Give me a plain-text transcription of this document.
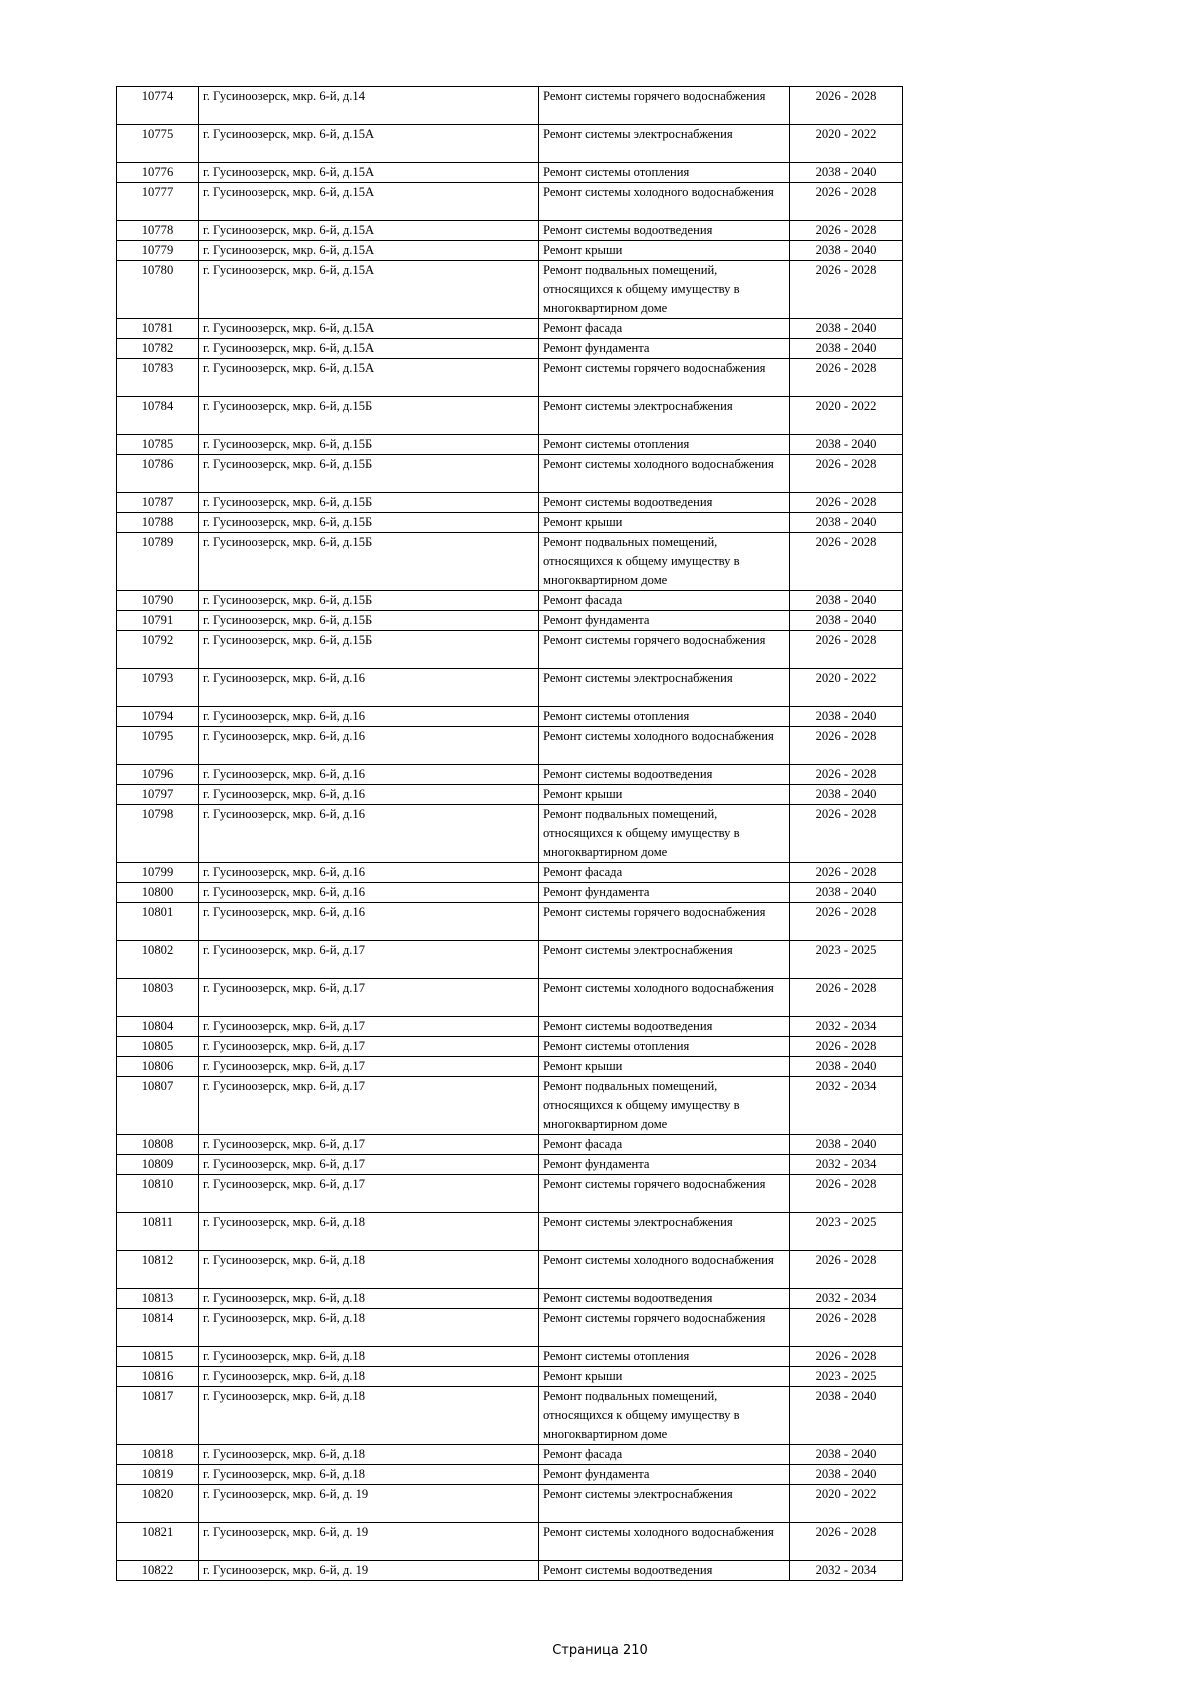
10774	г. Гусиноозерск, мкр. 6-й, д.14	Ремонт системы горячего водоснабжения	2026 - 2028
10775	г. Гусиноозерск, мкр. 6-й, д.15А	Ремонт системы электроснабжения	2020 - 2022
10776	г. Гусиноозерск, мкр. 6-й, д.15А	Ремонт системы отопления	2038 - 2040
10777	г. Гусиноозерск, мкр. 6-й, д.15А	Ремонт системы холодного водоснабжения	2026 - 2028
10778	г. Гусиноозерск, мкр. 6-й, д.15А	Ремонт системы водоотведения	2026 - 2028
10779	г. Гусиноозерск, мкр. 6-й, д.15А	Ремонт крыши	2038 - 2040
10780	г. Гусиноозерск, мкр. 6-й, д.15А	Ремонт подвальных помещений, относящихся к общему имуществу в многоквартирном доме	2026 - 2028
10781	г. Гусиноозерск, мкр. 6-й, д.15А	Ремонт фасада	2038 - 2040
10782	г. Гусиноозерск, мкр. 6-й, д.15А	Ремонт фундамента	2038 - 2040
10783	г. Гусиноозерск, мкр. 6-й, д.15А	Ремонт системы горячего водоснабжения	2026 - 2028
10784	г. Гусиноозерск, мкр. 6-й, д.15Б	Ремонт системы электроснабжения	2020 - 2022
10785	г. Гусиноозерск, мкр. 6-й, д.15Б	Ремонт системы отопления	2038 - 2040
10786	г. Гусиноозерск, мкр. 6-й, д.15Б	Ремонт системы холодного водоснабжения	2026 - 2028
10787	г. Гусиноозерск, мкр. 6-й, д.15Б	Ремонт системы водоотведения	2026 - 2028
10788	г. Гусиноозерск, мкр. 6-й, д.15Б	Ремонт крыши	2038 - 2040
10789	г. Гусиноозерск, мкр. 6-й, д.15Б	Ремонт подвальных помещений, относящихся к общему имуществу в многоквартирном доме	2026 - 2028
10790	г. Гусиноозерск, мкр. 6-й, д.15Б	Ремонт фасада	2038 - 2040
10791	г. Гусиноозерск, мкр. 6-й, д.15Б	Ремонт фундамента	2038 - 2040
10792	г. Гусиноозерск, мкр. 6-й, д.15Б	Ремонт системы горячего водоснабжения	2026 - 2028
10793	г. Гусиноозерск, мкр. 6-й, д.16	Ремонт системы электроснабжения	2020 - 2022
10794	г. Гусиноозерск, мкр. 6-й, д.16	Ремонт системы отопления	2038 - 2040
10795	г. Гусиноозерск, мкр. 6-й, д.16	Ремонт системы холодного водоснабжения	2026 - 2028
10796	г. Гусиноозерск, мкр. 6-й, д.16	Ремонт системы водоотведения	2026 - 2028
10797	г. Гусиноозерск, мкр. 6-й, д.16	Ремонт крыши	2038 - 2040
10798	г. Гусиноозерск, мкр. 6-й, д.16	Ремонт подвальных помещений, относящихся к общему имуществу в многоквартирном доме	2026 - 2028
10799	г. Гусиноозерск, мкр. 6-й, д.16	Ремонт фасада	2026 - 2028
10800	г. Гусиноозерск, мкр. 6-й, д.16	Ремонт фундамента	2038 - 2040
10801	г. Гусиноозерск, мкр. 6-й, д.16	Ремонт системы горячего водоснабжения	2026 - 2028
10802	г. Гусиноозерск, мкр. 6-й, д.17	Ремонт системы электроснабжения	2023 - 2025
10803	г. Гусиноозерск, мкр. 6-й, д.17	Ремонт системы холодного водоснабжения	2026 - 2028
10804	г. Гусиноозерск, мкр. 6-й, д.17	Ремонт системы водоотведения	2032 - 2034
10805	г. Гусиноозерск, мкр. 6-й, д.17	Ремонт системы отопления	2026 - 2028
10806	г. Гусиноозерск, мкр. 6-й, д.17	Ремонт крыши	2038 - 2040
10807	г. Гусиноозерск, мкр. 6-й, д.17	Ремонт подвальных помещений, относящихся к общему имуществу в многоквартирном доме	2032 - 2034
10808	г. Гусиноозерск, мкр. 6-й, д.17	Ремонт фасада	2038 - 2040
10809	г. Гусиноозерск, мкр. 6-й, д.17	Ремонт фундамента	2032 - 2034
10810	г. Гусиноозерск, мкр. 6-й, д.17	Ремонт системы горячего водоснабжения	2026 - 2028
10811	г. Гусиноозерск, мкр. 6-й, д.18	Ремонт системы электроснабжения	2023 - 2025
10812	г. Гусиноозерск, мкр. 6-й, д.18	Ремонт системы холодного водоснабжения	2026 - 2028
10813	г. Гусиноозерск, мкр. 6-й, д.18	Ремонт системы водоотведения	2032 - 2034
10814	г. Гусиноозерск, мкр. 6-й, д.18	Ремонт системы горячего водоснабжения	2026 - 2028
10815	г. Гусиноозерск, мкр. 6-й, д.18	Ремонт системы отопления	2026 - 2028
10816	г. Гусиноозерск, мкр. 6-й, д.18	Ремонт крыши	2023 - 2025
10817	г. Гусиноозерск, мкр. 6-й, д.18	Ремонт подвальных помещений, относящихся к общему имуществу в многоквартирном доме	2038 - 2040
10818	г. Гусиноозерск, мкр. 6-й, д.18	Ремонт фасада	2038 - 2040
10819	г. Гусиноозерск, мкр. 6-й, д.18	Ремонт фундамента	2038 - 2040
10820	г. Гусиноозерск, мкр. 6-й, д. 19	Ремонт системы электроснабжения	2020 - 2022
10821	г. Гусиноозерск, мкр. 6-й, д. 19	Ремонт системы холодного водоснабжения	2026 - 2028
10822	г. Гусиноозерск, мкр. 6-й, д. 19	Ремонт системы водоотведения	2032 - 2034
Страница 210
